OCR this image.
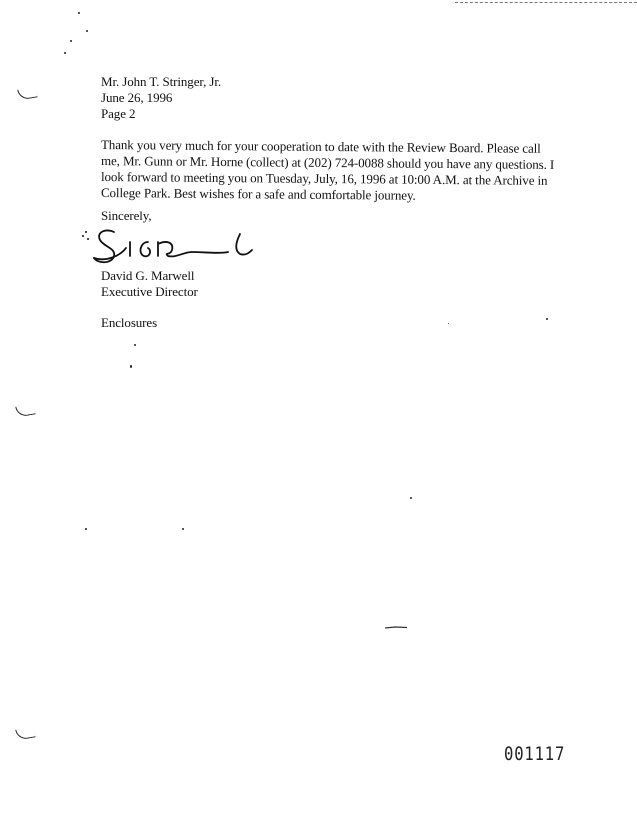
Mr. John T. Stringer, Jr.
June 26, 1996
Page 2
Thank you very much for your cooperation to date with the Review Board. Please call
me, Mr. Gunn or Mr. Horne (collect) at (202) 724-0088 should you have any questions. I
look forward to meeting you on Tuesday, July, 16, 1996 at 10:00 A.M. at the Archive in
College Park. Best wishes for a safe and comfortable journey.
Sincerely,
David G. Marwell
Executive Director
Enclosures
001117
